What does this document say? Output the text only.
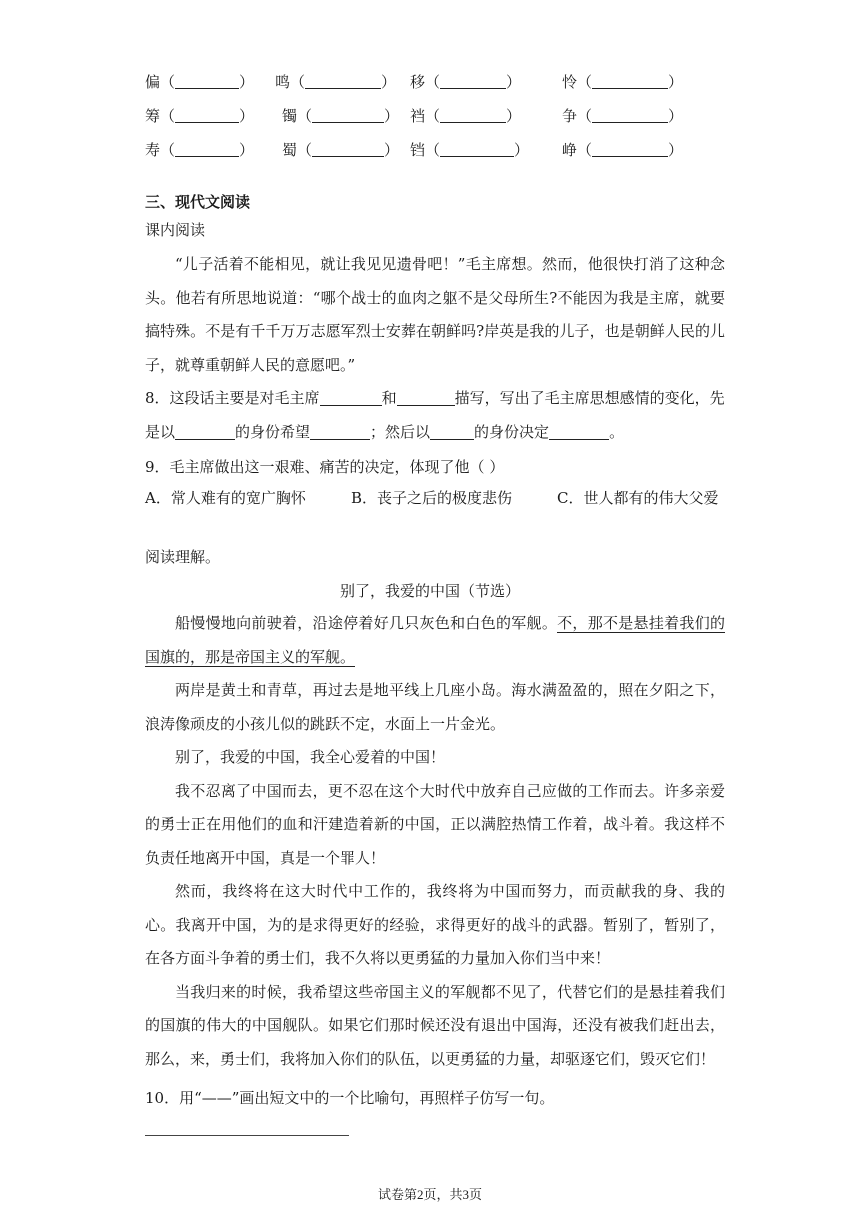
偏（	） 鸣（	） 移（	）	怜（	）
筹（	） 镯（	） 裆（	）	争（	）
寿（	） 蜀（	） 铛（	） 峥（	）
三、现代文阅读
课内阅读

“儿子活着不能相见，就让我见见遗骨吧！”毛主席想。然而，他很快打消了这种念头。他若有所思地说道：“哪个战士的血肉之躯不是父母所生?不能因为我是主席，就要搞特殊。不是有千千万万志愿军烈士安葬在朝鲜吗?岸英是我的儿子，也是朝鲜人民的儿子，就尊重朝鲜人民的意愿吧。”

8．这段话主要是对毛主席	和	描写，写出了毛主席思想感情的变化，先是以	的身份希望	；然后以	的身份决定	。
9．毛主席做出这一艰难、痛苦的决定，体现了他（ ）
A．常人难有的宽广胸怀	B．丧子之后的极度悲伤	C．世人都有的伟大父爱
阅读理解。
别了，我爱的中国（节选）

船慢慢地向前驶着，沿途停着好几只灰色和白色的军舰。不，那不是悬挂着我们的国旗的，那是帝国主义的军舰。

两岸是黄土和青草，再过去是地平线上几座小岛。海水满盈盈的，照在夕阳之下，浪涛像顽皮的小孩儿似的跳跃不定，水面上一片金光。

别了，我爱的中国，我全心爱着的中国！

我不忍离了中国而去，更不忍在这个大时代中放弃自己应做的工作而去。许多亲爱的勇士正在用他们的血和汗建造着新的中国，正以满腔热情工作着，战斗着。我这样不负责任地离开中国，真是一个罪人！

然而，我终将在这大时代中工作的，我终将为中国而努力，而贡献我的身、我的心。我离开中国，为的是求得更好的经验，求得更好的战斗的武器。暂别了，暂别了，在各方面斗争着的勇士们，我不久将以更勇猛的力量加入你们当中来！

当我归来的时候，我希望这些帝国主义的军舰都不见了，代替它们的是悬挂着我们的国旗的伟大的中国舰队。如果它们那时候还没有退出中国海，还没有被我们赶出去，那么，来，勇士们，我将加入你们的队伍，以更勇猛的力量，却驱逐它们，毁灭它们！

10．用“——”画出短文中的一个比喻句，再照样子仿写一句。
试卷第2页，共3页
